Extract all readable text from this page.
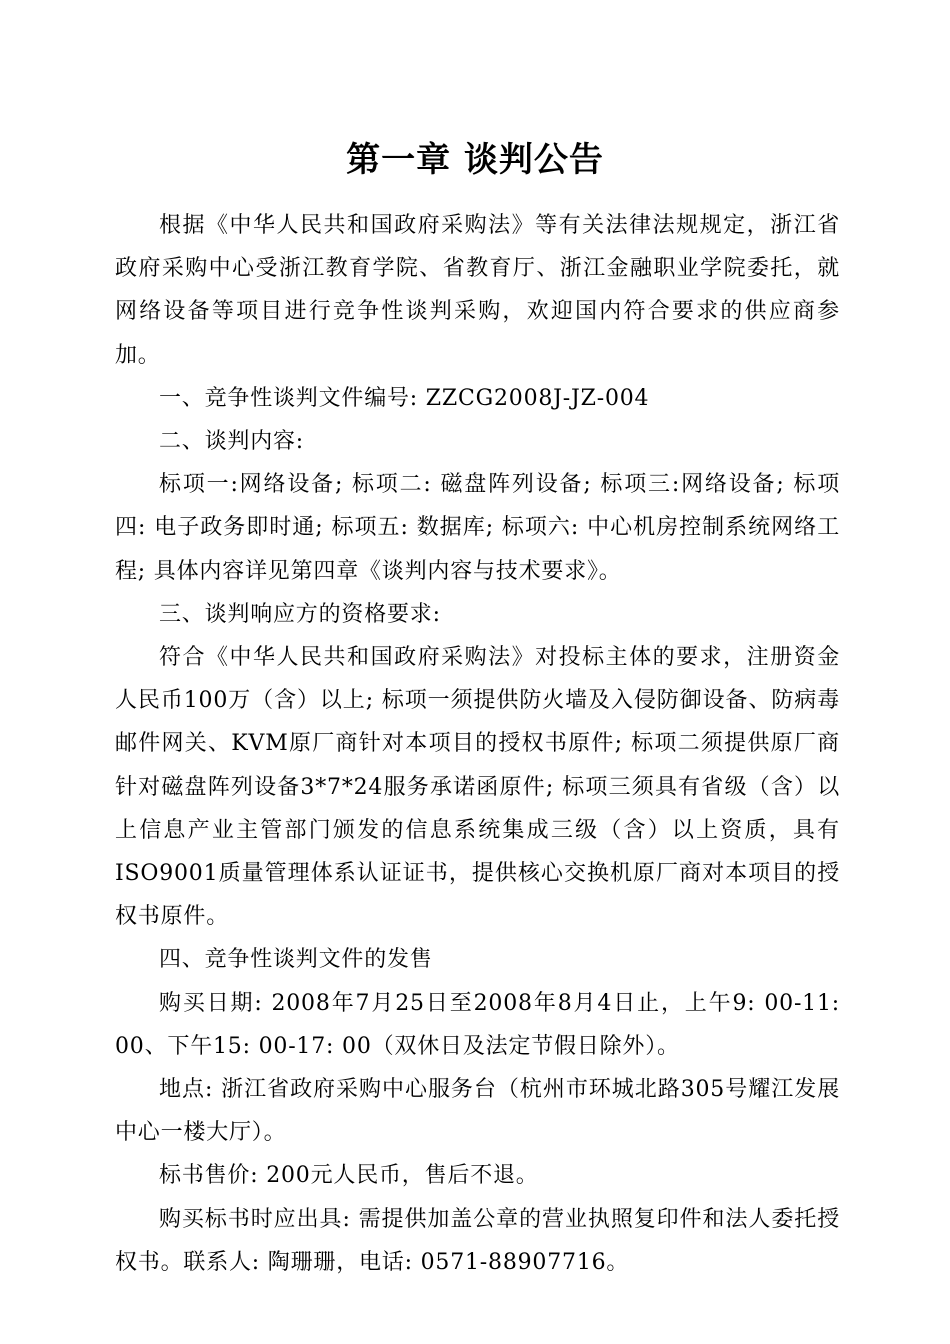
第一章 谈判公告

根据《中华人民共和国政府采购法》等有关法律法规规定，浙江省政府采购中心受浙江教育学院、省教育厅、浙江金融职业学院委托，就网络设备等项目进行竞争性谈判采购，欢迎国内符合要求的供应商参加。

一、竞争性谈判文件编号: ZZCG2008J-JZ-004

二、谈判内容:

标项一:网络设备; 标项二: 磁盘阵列设备; 标项三:网络设备; 标项四: 电子政务即时通; 标项五: 数据库; 标项六: 中心机房控制系统网络工程; 具体内容详见第四章《谈判内容与技术要求》。

三、谈判响应方的资格要求:

符合《中华人民共和国政府采购法》对投标主体的要求，注册资金人民币100万（含）以上; 标项一须提供防火墙及入侵防御设备、防病毒邮件网关、KVM原厂商针对本项目的授权书原件; 标项二须提供原厂商针对磁盘阵列设备3*7*24服务承诺函原件; 标项三须具有省级（含）以上信息产业主管部门颁发的信息系统集成三级（含）以上资质，具有ISO9001质量管理体系认证证书，提供核心交换机原厂商对本项目的授权书原件。

四、竞争性谈判文件的发售

购买日期: 2008年7月25日至2008年8月4日止，上午9: 00-11: 00、下午15: 00-17: 00（双休日及法定节假日除外）。

地点: 浙江省政府采购中心服务台（杭州市环城北路305号耀江发展中心一楼大厅）。

标书售价: 200元人民币，售后不退。

购买标书时应出具: 需提供加盖公章的营业执照复印件和法人委托授权书。联系人: 陶珊珊，电话: 0571-88907716。
